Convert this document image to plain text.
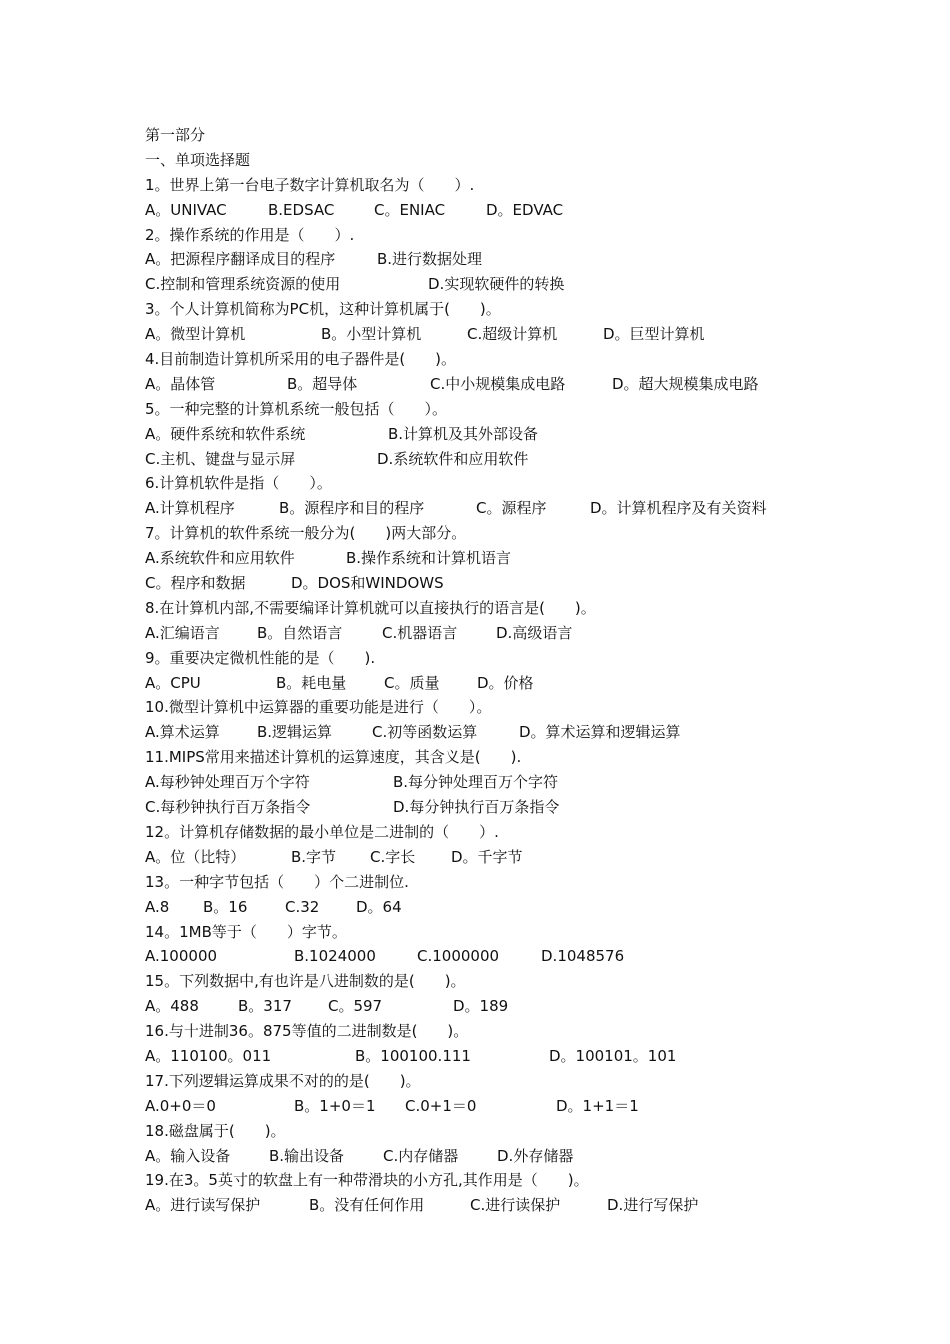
第一部分
一、单项选择题
1。世界上第一台电子数字计算机取名为（　　）.
A。UNIVAC	B.EDSAC	C。ENIAC	D。EDVAC
2。操作系统的作用是（　　）.
A。把源程序翻译成目的程序	B.进行数据处理
C.控制和管理系统资源的使用	D.实现软硬件的转换
3。个人计算机简称为PC机，这种计算机属于(　　)。
A。微型计算机	B。小型计算机	C.超级计算机	D。巨型计算机
4.目前制造计算机所采用的电子器件是(　　)。
A。晶体管	B。超导体	C.中小规模集成电路	D。超大规模集成电路
5。一种完整的计算机系统一般包括（　　）。
A。硬件系统和软件系统	B.计算机及其外部设备
C.主机、键盘与显示屏	D.系统软件和应用软件
6.计算机软件是指（　　）。
A.计算机程序	B。源程序和目的程序	C。源程序	D。计算机程序及有关资料
7。计算机的软件系统一般分为(　　)两大部分。
A.系统软件和应用软件	B.操作系统和计算机语言
C。程序和数据	D。DOS和WINDOWS
8.在计算机内部,不需要编译计算机就可以直接执行的语言是(　　)。
A.汇编语言 B。自然语言	C.机器语言	D.高级语言
9。重要决定微机性能的是（　　).
A。CPU	B。耗电量	C。质量	D。价格
10.微型计算机中运算器的重要功能是进行（　　）。
A.算术运算 B.逻辑运算	C.初等函数运算	D。算术运算和逻辑运算
11.MIPS常用来描述计算机的运算速度，其含义是(　　).
A.每秒钟处理百万个字符	B.每分钟处理百万个字符
C.每秒钟执行百万条指令	D.每分钟执行百万条指令
12。计算机存储数据的最小单位是二进制的（　　）.
A。位（比特）	B.字节 C.字长 D。千字节
13。一种字节包括（　　）个二进制位.
A.8 B。16	C.32 D。64
14。1MB等于（　　）字节。
A.100000	B.1024000	C.1000000	D.1048576
15。下列数据中,有也许是八进制数的是(　　)。
A。488	B。317 C。597	D。189
16.与十进制36。875等值的二进制数是(　　)。
A。110100。011	B。100100.111	D。100101。101
17.下列逻辑运算成果不对的的是(　　)。
A.0+0＝0	B。1+0＝1 C.0+1＝0	D。1+1＝1
18.磁盘属于(　　)。
A。输入设备	B.输出设备	C.内存储器	D.外存储器
19.在3。5英寸的软盘上有一种带滑块的小方孔,其作用是（　　)。
A。进行读写保护	B。没有任何作用	C.进行读保护	D.进行写保护
